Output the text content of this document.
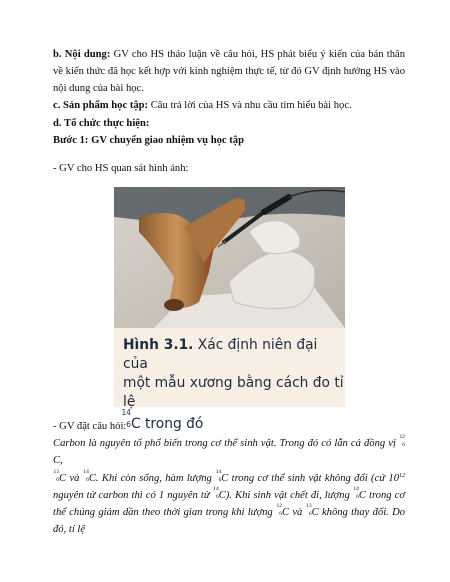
b. Nội dung: GV cho HS thảo luận về câu hỏi, HS phát biểu ý kiến của bản thân về kiến thức đã học kết hợp với kinh nghiệm thực tế, từ đó GV định hướng HS vào nội dung của bài học.

c. Sản phẩm học tập: Câu trả lời của HS và nhu cầu tìm hiểu bài học.

d. Tổ chức thực hiện:

Bước 1: GV chuyển giao nhiệm vụ học tập

- GV cho HS quan sát hình ảnh:

Hình 3.1. Xác định niên đại của
một mẫu xương bằng cách đo tỉ lệ
14
6 C trong đó

- GV đặt câu hỏi:

Carbon là nguyên tố phổ biến trong cơ thể sinh vật. Trong đó có lẫn cả đồng vị
12
6
C,

13
6 C và
14
6 C. Khi còn sống, hàm lượng
14
6 C trong cơ thể sinh vật không đổi (cứ $10^{12}$ nguyên tử carbon thì có 1 nguyên tử
14
6 C). Khi sinh vật chết đi, lượng
14
6 C trong cơ thể chúng giảm dần theo thời gian trong khi lượng
12
6 C và
13
6 C không thay đổi. Do đó, tỉ lệ
